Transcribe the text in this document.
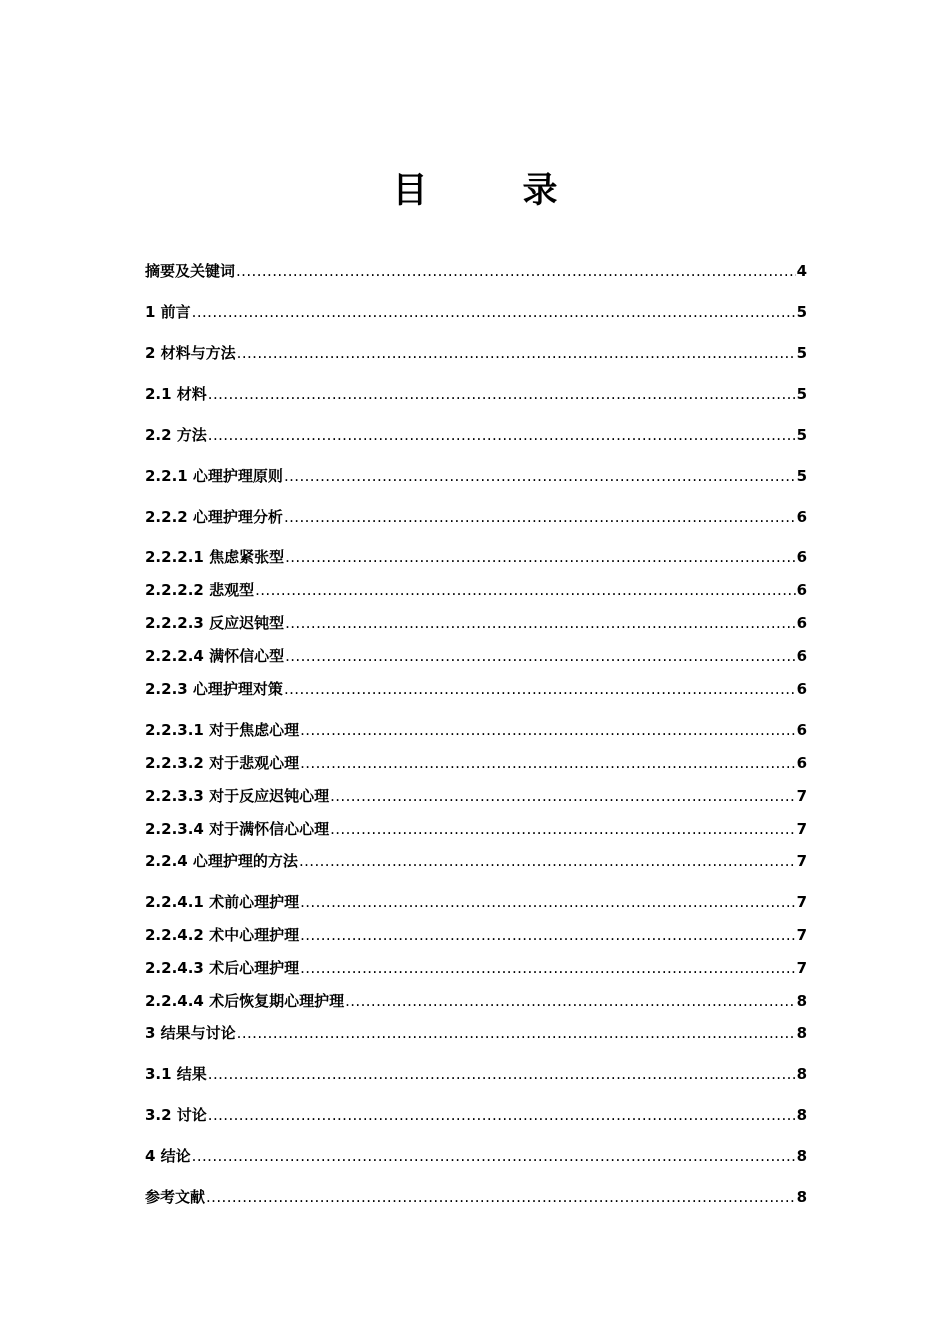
目　录
摘要及关键词 .....	4
1 前言 .....	5
2 材料与方法 .....	5
2.1 材料 .....	5
2.2 方法 .....	5
2.2.1 心理护理原则 .....	5
2.2.2 心理护理分析 .....	6
2.2.2.1 焦虑紧张型 .....	6
2.2.2.2 悲观型 .....	6
2.2.2.3 反应迟钝型 .....	6
2.2.2.4 满怀信心型 .....	6
2.2.3 心理护理对策 .....	6
2.2.3.1 对于焦虑心理 .....	6
2.2.3.2 对于悲观心理 .....	6
2.2.3.3 对于反应迟钝心理 .....	7
2.2.3.4 对于满怀信心心理 .....	7
2.2.4 心理护理的方法 .....	7
2.2.4.1 术前心理护理 .....	7
2.2.4.2 术中心理护理 .....	7
2.2.4.3 术后心理护理 .....	7
2.2.4.4 术后恢复期心理护理 .....	8
3 结果与讨论 .....	8
3.1 结果 .....	8
3.2 讨论 .....	8
4 结论 .....	8
参考文献 .....	8
